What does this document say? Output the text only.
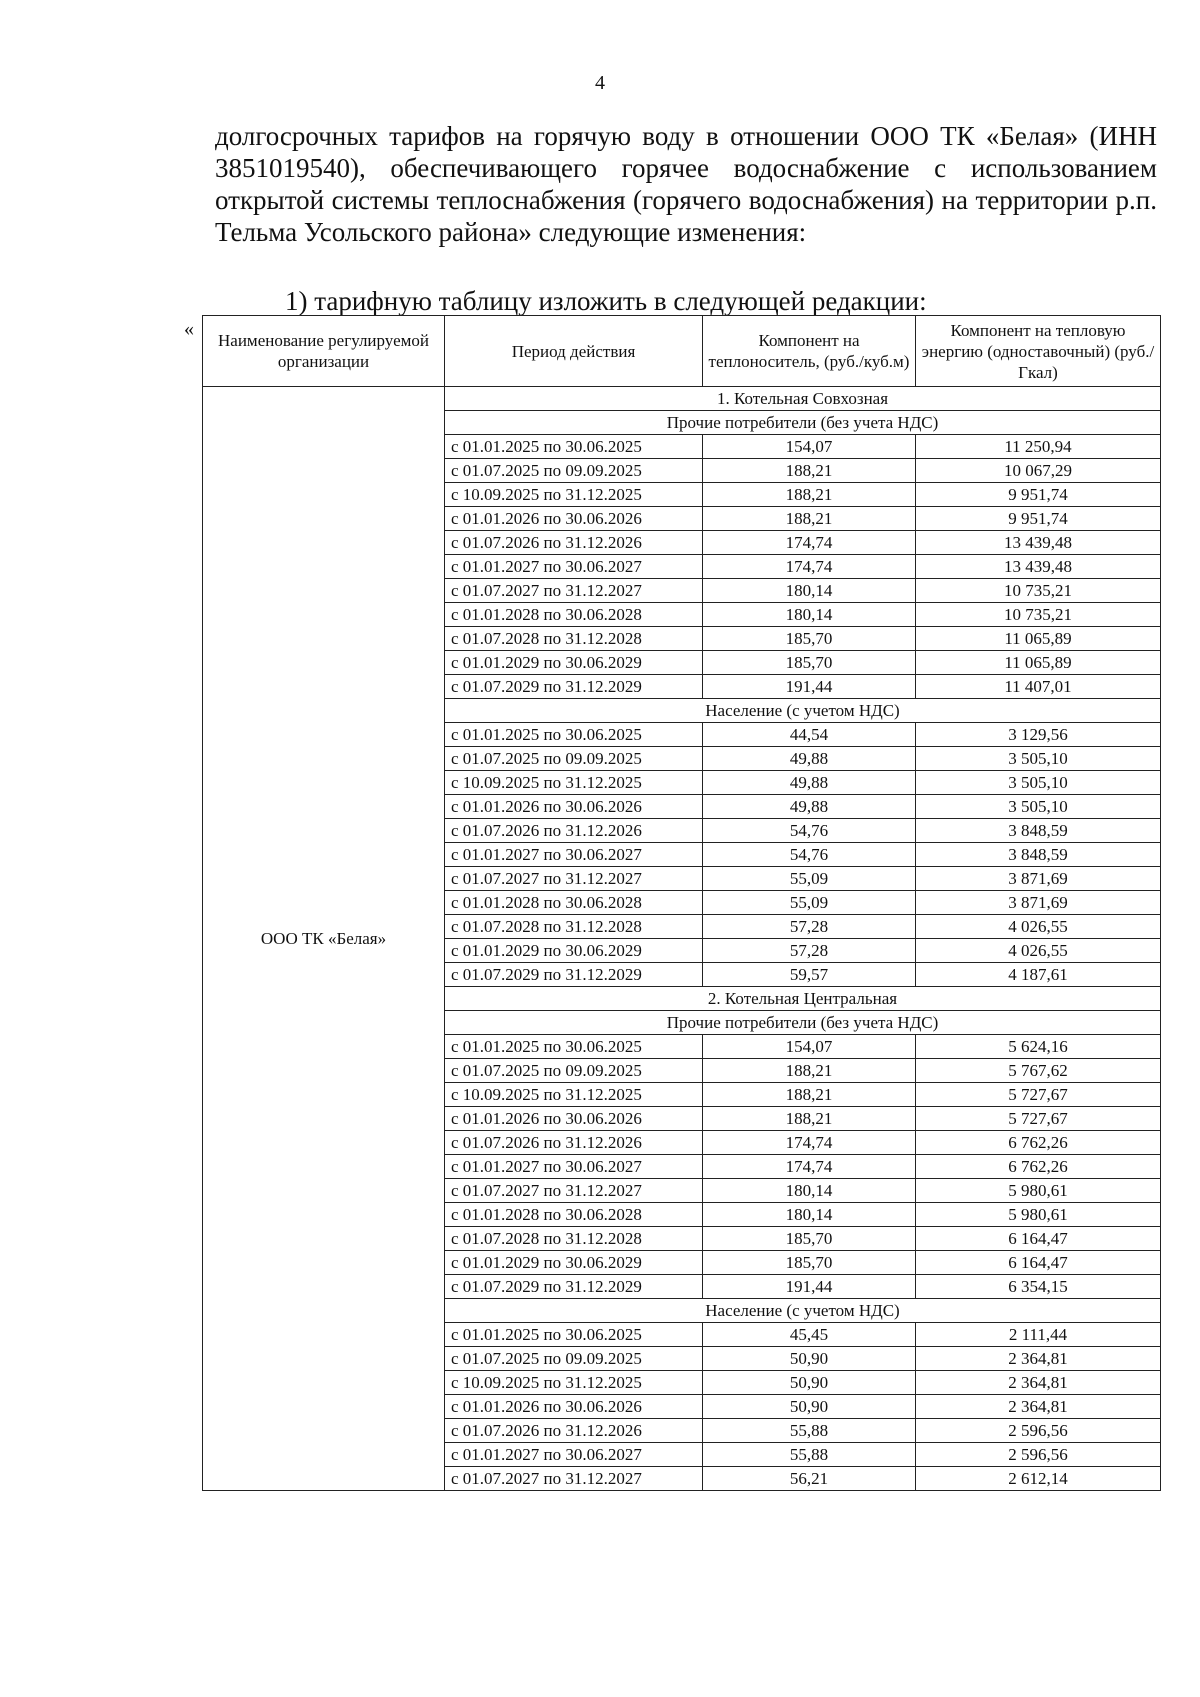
4

долгосрочных тарифов на горячую воду в отношении ООО ТК «Белая» (ИНН 3851019540), обеспечивающего горячее водоснабжение с использованием открытой системы теплоснабжения (горячего водоснабжения) на территории р.п. Тельма Усольского района» следующие изменения:

1) тарифную таблицу изложить в следующей редакции:

«
Наименование регулируемой организации	Период действия	Компонент на теплоноситель, (руб./куб.м)	Компонент на тепловую энергию (одноставочный) (руб./Гкал)
ООО ТК «Белая»	1. Котельная Совхозная		
	Прочие потребители (без учета НДС)		
	с 01.01.2025 по 30.06.2025	154,07	11 250,94
	с 01.07.2025 по 09.09.2025	188,21	10 067,29
	с 10.09.2025 по 31.12.2025	188,21	9 951,74
	с 01.01.2026 по 30.06.2026	188,21	9 951,74
	с 01.07.2026 по 31.12.2026	174,74	13 439,48
	с 01.01.2027 по 30.06.2027	174,74	13 439,48
	с 01.07.2027 по 31.12.2027	180,14	10 735,21
	с 01.01.2028 по 30.06.2028	180,14	10 735,21
	с 01.07.2028 по 31.12.2028	185,70	11 065,89
	с 01.01.2029 по 30.06.2029	185,70	11 065,89
	с 01.07.2029 по 31.12.2029	191,44	11 407,01
	Население (с учетом НДС)		
	с 01.01.2025 по 30.06.2025	44,54	3 129,56
	с 01.07.2025 по 09.09.2025	49,88	3 505,10
	с 10.09.2025 по 31.12.2025	49,88	3 505,10
	с 01.01.2026 по 30.06.2026	49,88	3 505,10
	с 01.07.2026 по 31.12.2026	54,76	3 848,59
	с 01.01.2027 по 30.06.2027	54,76	3 848,59
	с 01.07.2027 по 31.12.2027	55,09	3 871,69
	с 01.01.2028 по 30.06.2028	55,09	3 871,69
	с 01.07.2028 по 31.12.2028	57,28	4 026,55
	с 01.01.2029 по 30.06.2029	57,28	4 026,55
	с 01.07.2029 по 31.12.2029	59,57	4 187,61
	2. Котельная Центральная		
	Прочие потребители (без учета НДС)		
	с 01.01.2025 по 30.06.2025	154,07	5 624,16
	с 01.07.2025 по 09.09.2025	188,21	5 767,62
	с 10.09.2025 по 31.12.2025	188,21	5 727,67
	с 01.01.2026 по 30.06.2026	188,21	5 727,67
	с 01.07.2026 по 31.12.2026	174,74	6 762,26
	с 01.01.2027 по 30.06.2027	174,74	6 762,26
	с 01.07.2027 по 31.12.2027	180,14	5 980,61
	с 01.01.2028 по 30.06.2028	180,14	5 980,61
	с 01.07.2028 по 31.12.2028	185,70	6 164,47
	с 01.01.2029 по 30.06.2029	185,70	6 164,47
	с 01.07.2029 по 31.12.2029	191,44	6 354,15
	Население (с учетом НДС)		
	с 01.01.2025 по 30.06.2025	45,45	2 111,44
	с 01.07.2025 по 09.09.2025	50,90	2 364,81
	с 10.09.2025 по 31.12.2025	50,90	2 364,81
	с 01.01.2026 по 30.06.2026	50,90	2 364,81
	с 01.07.2026 по 31.12.2026	55,88	2 596,56
	с 01.01.2027 по 30.06.2027	55,88	2 596,56
	с 01.07.2027 по 31.12.2027	56,21	2 612,14
